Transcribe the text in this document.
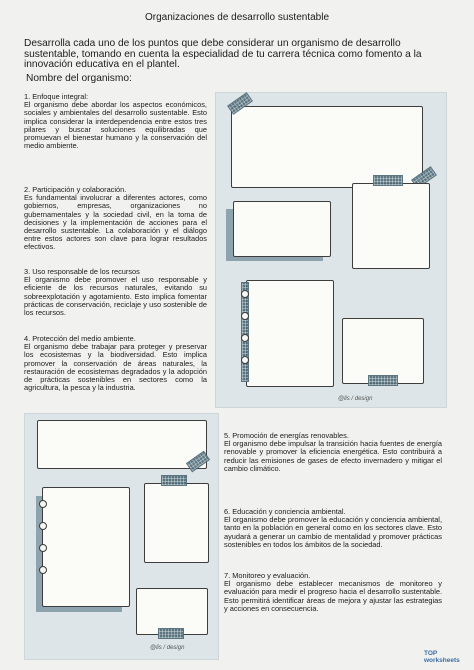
Organizaciones de desarrollo sustentable
Desarrolla cada uno de los puntos que debe considerar un organismo de desarrollo sustentable, tomando en cuenta la especialidad de tu carrera técnica como fomento a la innovación educativa en el plantel.
Nombre del organismo:
1. Enfoque integral:
El organismo debe abordar los aspectos económicos, sociales y ambientales del desarrollo sustentable. Esto implica considerar la interdependencia entre estos tres pilares y buscar soluciones equilibradas que promuevan el bienestar humano y la conservación del medio ambiente.
2. Participación y colaboración.
Es fundamental involucrar a diferentes actores, como gobiernos, empresas, organizaciones no gubernamentales y la sociedad civil, en la toma de decisiones y la implementación de acciones para el desarrollo sustentable. La colaboración y el diálogo entre estos actores son clave para lograr resultados efectivos.
3. Uso responsable de los recursos
El organismo debe promover el uso responsable y eficiente de los recursos naturales, evitando su sobreexplotación y agotamiento. Esto implica fomentar prácticas de conservación, reciclaje y uso sostenible de los recursos.
4. Protección del medio ambiente.
El organismo debe trabajar para proteger y preservar los ecosistemas y la biodiversidad. Esto implica promover la conservación de áreas naturales, la restauración de ecosistemas degradados y la adopción de prácticas sostenibles en sectores como la agricultura, la pesca y la industria.
@lis / design
@lis / design
5. Promoción de energías renovables.
El organismo debe impulsar la transición hacia fuentes de energía renovable y promover la eficiencia energética. Esto contribuirá a reducir las emisiones de gases de efecto invernadero y mitigar el cambio climático.
6. Educación y conciencia ambiental.
El organismo debe promover la educación y conciencia ambiental, tanto en la población en general como en los sectores clave. Esto ayudará a generar un cambio de mentalidad y promover prácticas sostenibles en todos los ámbitos de la sociedad.
7. Monitoreo y evaluación.
El organismo debe establecer mecanismos de monitoreo y evaluación para medir el progreso hacia el desarrollo sustentable. Esto permitirá identificar áreas de mejora y ajustar las estrategias y acciones en consecuencia.
TOP
worksheets
